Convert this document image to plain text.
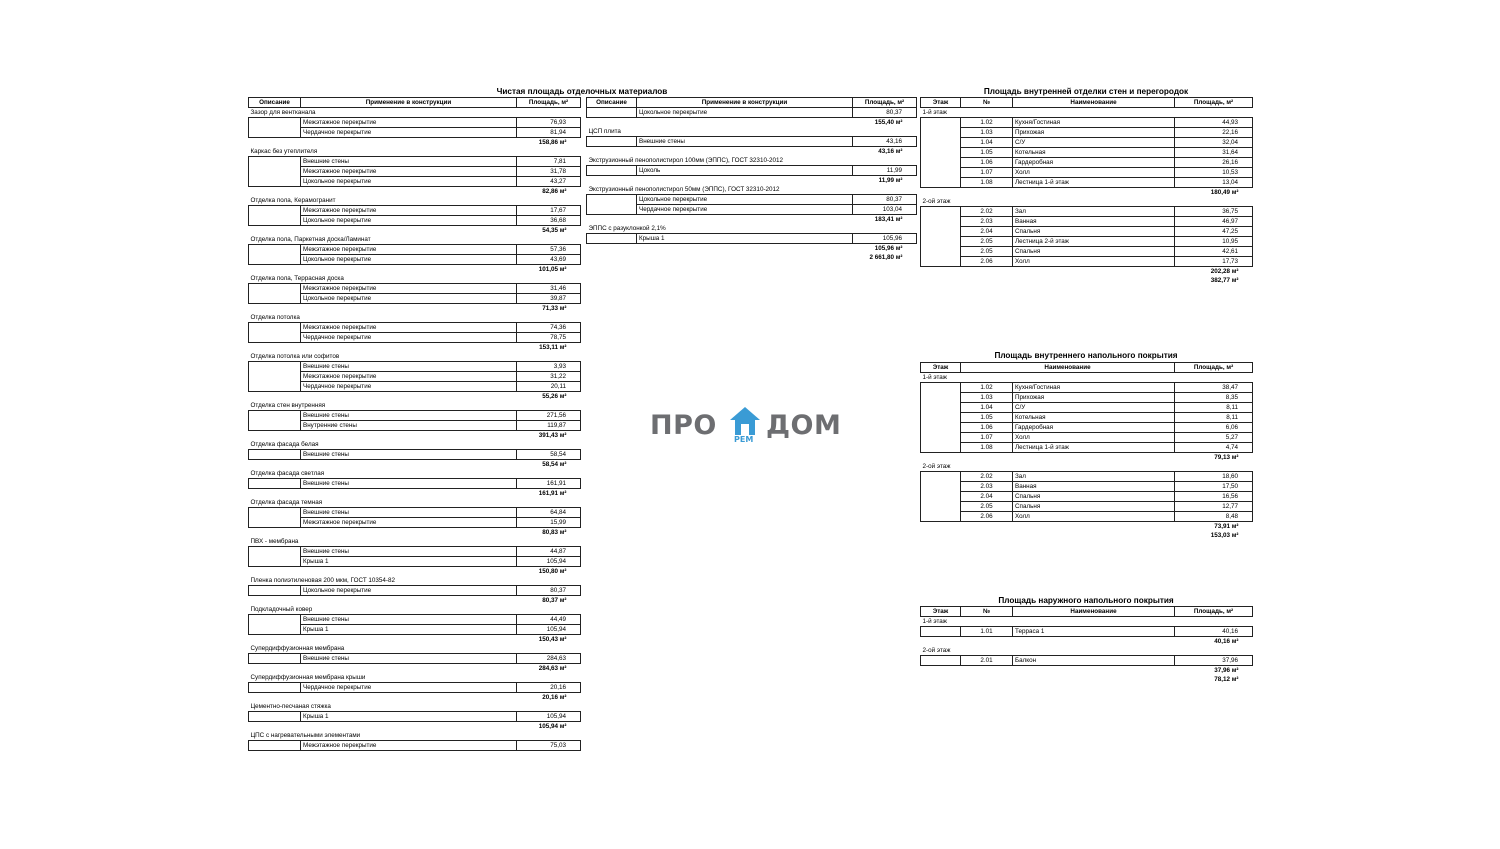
Чистая площадь отделочных материалов
Описание	Применение в конструкции	Площадь, м²
Зазор для вентканала		
	Межэтажное перекрытие	76,93
	Чердачное перекрытие	81,94
158,86 м²		
Каркас без утеплителя		
	Внешние стены	7,81
	Межэтажное перекрытие	31,78
	Цокольное перекрытие	43,27
82,86 м²		
Отделка пола, Керамогранит		
	Межэтажное перекрытие	17,67
	Цокольное перекрытие	36,68
54,35 м²		
Отделка пола, Паркетная доска/Ламинат		
	Межэтажное перекрытие	57,36
	Цокольное перекрытие	43,69
101,05 м²		
Отделка пола, Террасная доска		
	Межэтажное перекрытие	31,46
	Цокольное перекрытие	39,87
71,33 м²		
Отделка потолка		
	Межэтажное перекрытие	74,36
	Чердачное перекрытие	78,75
153,11 м²		
Отделка потолка или софитов		
	Внешние стены	3,93
	Межэтажное перекрытие	31,22
	Чердачное перекрытие	20,11
55,26 м²		
Отделка стен внутренняя		
	Внешние стены	271,56
	Внутренние стены	119,87
391,43 м²		
Отделка фасада белая		
	Внешние стены	58,54
58,54 м²		
Отделка фасада светлая		
	Внешние стены	161,91
161,91 м²		
Отделка фасада темная		
	Внешние стены	64,84
	Межэтажное перекрытие	15,99
80,83 м²		
ПВХ - мембрана		
	Внешние стены	44,87
	Крыша 1	105,94
150,80 м²		
Пленка полиэтиленовая 200 мкм, ГОСТ 10354-82		
	Цокольное перекрытие	80,37
80,37 м²		
Подкладочный ковер		
	Внешние стены	44,49
	Крыша 1	105,94
150,43 м²		
Супердиффузионная мембрана		
	Внешние стены	284,63
284,63 м²		
Супердиффузионная мембрана крыши		
	Чердачное перекрытие	20,16
20,16 м²		
Цементно-песчаная стяжка		
	Крыша 1	105,94
105,94 м²		
ЦПС с нагревательными элементами		
	Межэтажное перекрытие	75,03
Описание	Применение в конструкции	Площадь, м²
	Цокольное перекрытие	80,37
155,40 м²		
ЦСП плита		
	Внешние стены	43,16
43,16 м²		
Экструзионный пенополистирол 100мм (ЭППС), ГОСТ 32310-2012		
	Цоколь	11,99
11,99 м²		
Экструзионный пенополистирол 50мм (ЭППС), ГОСТ 32310-2012		
	Цокольное перекрытие	80,37
	Чердачное перекрытие	103,04
183,41 м²		
ЭППС с разуклонкой 2,1%		
	Крыша 1	105,96
105,96 м²		
2 661,80 м²		
Площадь внутренней отделки стен и перегородок
Этаж	№	Наименование	Площадь, м²
1-й этаж			
	1.02	Кухня/Гостиная	44,93
	1.03	Прихожая	22,16
	1.04	С/У	32,04
	1.05	Котельная	31,64
	1.06	Гардеробная	26,16
	1.07	Холл	10,53
	1.08	Лестница 1-й этаж	13,04
180,49 м²			
2-ой этаж			
	2.02	Зал	36,75
	2.03	Ванная	46,97
	2.04	Спальня	47,25
	2.05	Лестница 2-й этаж	10,95
	2.05	Спальня	42,61
	2.06	Холл	17,73
202,28 м²			
382,77 м²			
Площадь внутреннего напольного покрытия
Этаж	Наименование		Площадь, м²
1-й этаж			
	1.02	Кухня/Гостиная	38,47
	1.03	Прихожая	8,35
	1.04	С/У	8,11
	1.05	Котельная	8,11
	1.06	Гардеробная	6,06
	1.07	Холл	5,27
	1.08	Лестница 1-й этаж	4,74
79,13 м²			
2-ой этаж			
	2.02	Зал	18,60
	2.03	Ванная	17,50
	2.04	Спальня	16,56
	2.05	Спальня	12,77
	2.06	Холл	8,48
73,91 м²			
153,03 м²			
Площадь наружного напольного покрытия
Этаж	№	Наименование	Площадь, м²
1-й этаж			
	1.01	Терраса 1	40,16
40,16 м²			
2-ой этаж			
	2.01	Балкон	37,96
37,96 м²			
78,12 м²			
ПРО РЕМ ДОМ
